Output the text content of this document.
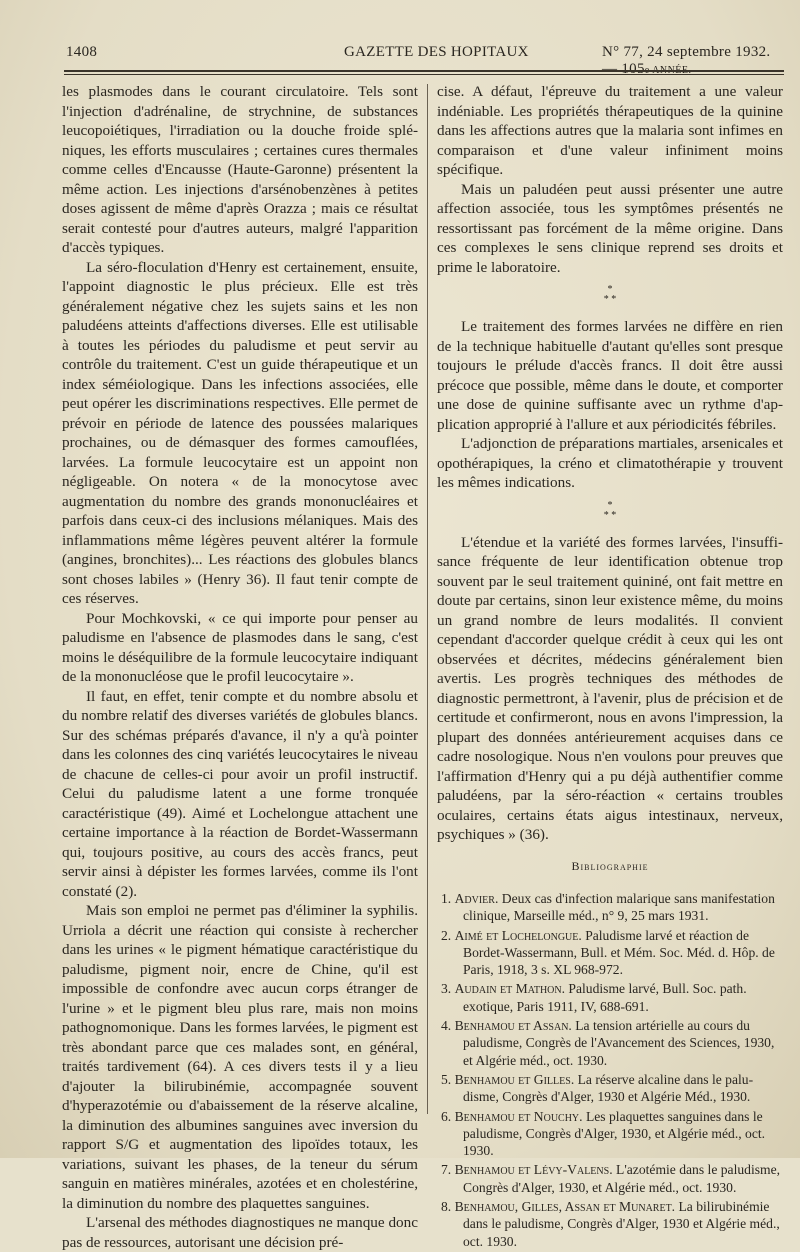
1408	GAZETTE DES HOPITAUX	N° 77, 24 septembre 1932. — 105e ANNÉE.

les plasmodes dans le courant circulatoire. Tels sont l'injection d'adrénaline, de strychnine, de substances leucopoiétiques, l'irradiation ou la douche froide spléniques, les efforts musculaires ; certaines cures thermales comme celles d'Encausse (Haute-Garonne) présentent la même action. Les injections d'arsénobenzènes à petites doses agissent de même d'après Orazza ; mais ce résultat serait contesté pour d'autres auteurs, malgré l'apparition d'accès typiques.

La séro-floculation d'Henry est certainement, ensuite, l'appoint diagnostic le plus précieux. Elle est très généralement négative chez les sujets sains et les non paludéens atteints d'affections diverses. Elle est utilisable à toutes les périodes du paludisme et peut servir au contrôle du traitement. C'est un guide thérapeutique et un index séméiologique. Dans les infections associées, elle peut opérer les discriminations respectives. Elle permet de prévoir en période de latence des poussées malariques prochaines, ou de démasquer des formes camouflées, larvées. La formule leucocytaire est un appoint non négligeable. On notera « de la monocytose avec augmentation du nombre des grands mononucléaires et parfois dans ceux-ci des inclusions mélaniques. Mais des inflammations même légères peuvent altérer la formule (angines, bronchites)... Les réactions des globules blancs sont choses labiles » (Henry 36). Il faut tenir compte de ces réserves.

Pour Mochkovski, « ce qui importe pour penser au paludisme en l'absence de plasmodes dans le sang, c'est moins le déséquilibre de la formule leucocytaire indiquant de la mononucléose que le profil leucocytaire ».

Il faut, en effet, tenir compte et du nombre absolu et du nombre relatif des diverses variétés de globules blancs. Sur des schémas préparés d'avance, il n'y a qu'à pointer dans les colonnes des cinq variétés leucocytaires le niveau de chacune de celles-ci pour avoir un profil instructif. Celui du paludisme latent a une forme tronquée caractéristique (49). Aimé et Lochelongue attachent une certaine importance à la réaction de Bordet-Wassermann qui, toujours positive, au cours des accès francs, peut servir ainsi à dépister les formes larvées, comme ils l'ont constaté (2).

Mais son emploi ne permet pas d'éliminer la syphilis. Urriola a décrit une réaction qui consiste à rechercher dans les urines « le pigment hématique caractéristique du paludisme, pigment noir, encre de Chine, qu'il est impossible de confondre avec aucun corps étranger de l'urine » et le pigment bleu plus rare, mais non moins pathognomonique. Dans les formes larvées, le pigment est très abondant parce que ces malades sont, en général, traités tardivement (64). A ces divers tests il y a lieu d'ajouter la bilirubinémie, accompagnée souvent d'hyperazotémie ou d'abaissement de la réserve alcaline, la diminution des albumines sanguines avec inversion du rapport S/G et augmentation des lipoïdes totaux, les variations, suivant les phases, de la teneur du sérum sanguin en matières minérales, azotées et en cholestérine, la diminution du nombre des plaquettes sanguines.

L'arsenal des méthodes diagnostiques ne manque donc pas de ressources, autorisant une décision pré-

cise. A défaut, l'épreuve du traitement a une valeur indéniable. Les propriétés thérapeutiques de la quinine dans les affections autres que la malaria sont infimes en comparaison et d'une valeur infiniment moins spécifique.

Mais un paludéen peut aussi présenter une autre affection associée, tous les symptômes présentés ne ressortissant pas forcément de la même origine. Dans ces complexes le sens clinique reprend ses droits et prime le laboratoire.

*
* *

Le traitement des formes larvées ne diffère en rien de la technique habituelle d'autant qu'elles sont presque toujours le prélude d'accès francs. Il doit être aussi précoce que possible, même dans le doute, et comporter une dose de quinine suffisante avec un rythme d'application approprié à l'allure et aux périodicités fébriles.

L'adjonction de préparations martiales, arsenicales et opothérapiques, la créno et climatothérapie y trouvent les mêmes indications.

*
* *

L'étendue et la variété des formes larvées, l'insuffisance fréquente de leur identification obtenue trop souvent par le seul traitement quininé, ont fait mettre en doute par certains, sinon leur existence même, du moins un grand nombre de leurs modalités. Il convient cependant d'accorder quelque crédit à ceux qui les ont observées et décrites, médecins généralement bien avertis. Les progrès techniques des méthodes de diagnostic permettront, à l'avenir, plus de précision et de certitude et confirmeront, nous en avons l'impression, la plupart des données antérieurement acquises dans ce cadre nosologique. Nous n'en voulons pour preuves que l'affirmation d'Henry qui a pu déjà authentifier comme paludéens, par la séro-réaction « certains troubles oculaires, certains états aigus intestinaux, nerveux, psychiques » (36).

Bibliographie
1. Advier. Deux cas d'infection malarique sans manifestation clinique, Marseille méd., n° 9, 25 mars 1931.
2. Aimé et Lochelongue. Paludisme larvé et réaction de Bordet-Wassermann, Bull. et Mém. Soc. Méd. d. Hôp. de Paris, 1918, 3 s. XL 968-972.
3. Audain et Mathon. Paludisme larvé, Bull. Soc. path. exotique, Paris 1911, IV, 688-691.
4. Benhamou et Assan. La tension artérielle au cours du paludisme, Congrès de l'Avancement des Sciences, 1930, et Algérie méd., oct. 1930.
5. Benhamou et Gilles. La réserve alcaline dans le paludisme, Congrès d'Alger, 1930 et Algérie Méd., 1930.
6. Benhamou et Nouchy. Les plaquettes sanguines dans le paludisme, Congrès d'Alger, 1930, et Algérie méd., oct. 1930.
7. Benhamou et Lévy-Valens. L'azotémie dans le paludisme, Congrès d'Alger, 1930, et Algérie méd., oct. 1930.
8. Benhamou, Gilles, Assan et Munaret. La bilirubinémie dans le paludisme, Congrès d'Alger, 1930 et Algérie méd., oct. 1930.
